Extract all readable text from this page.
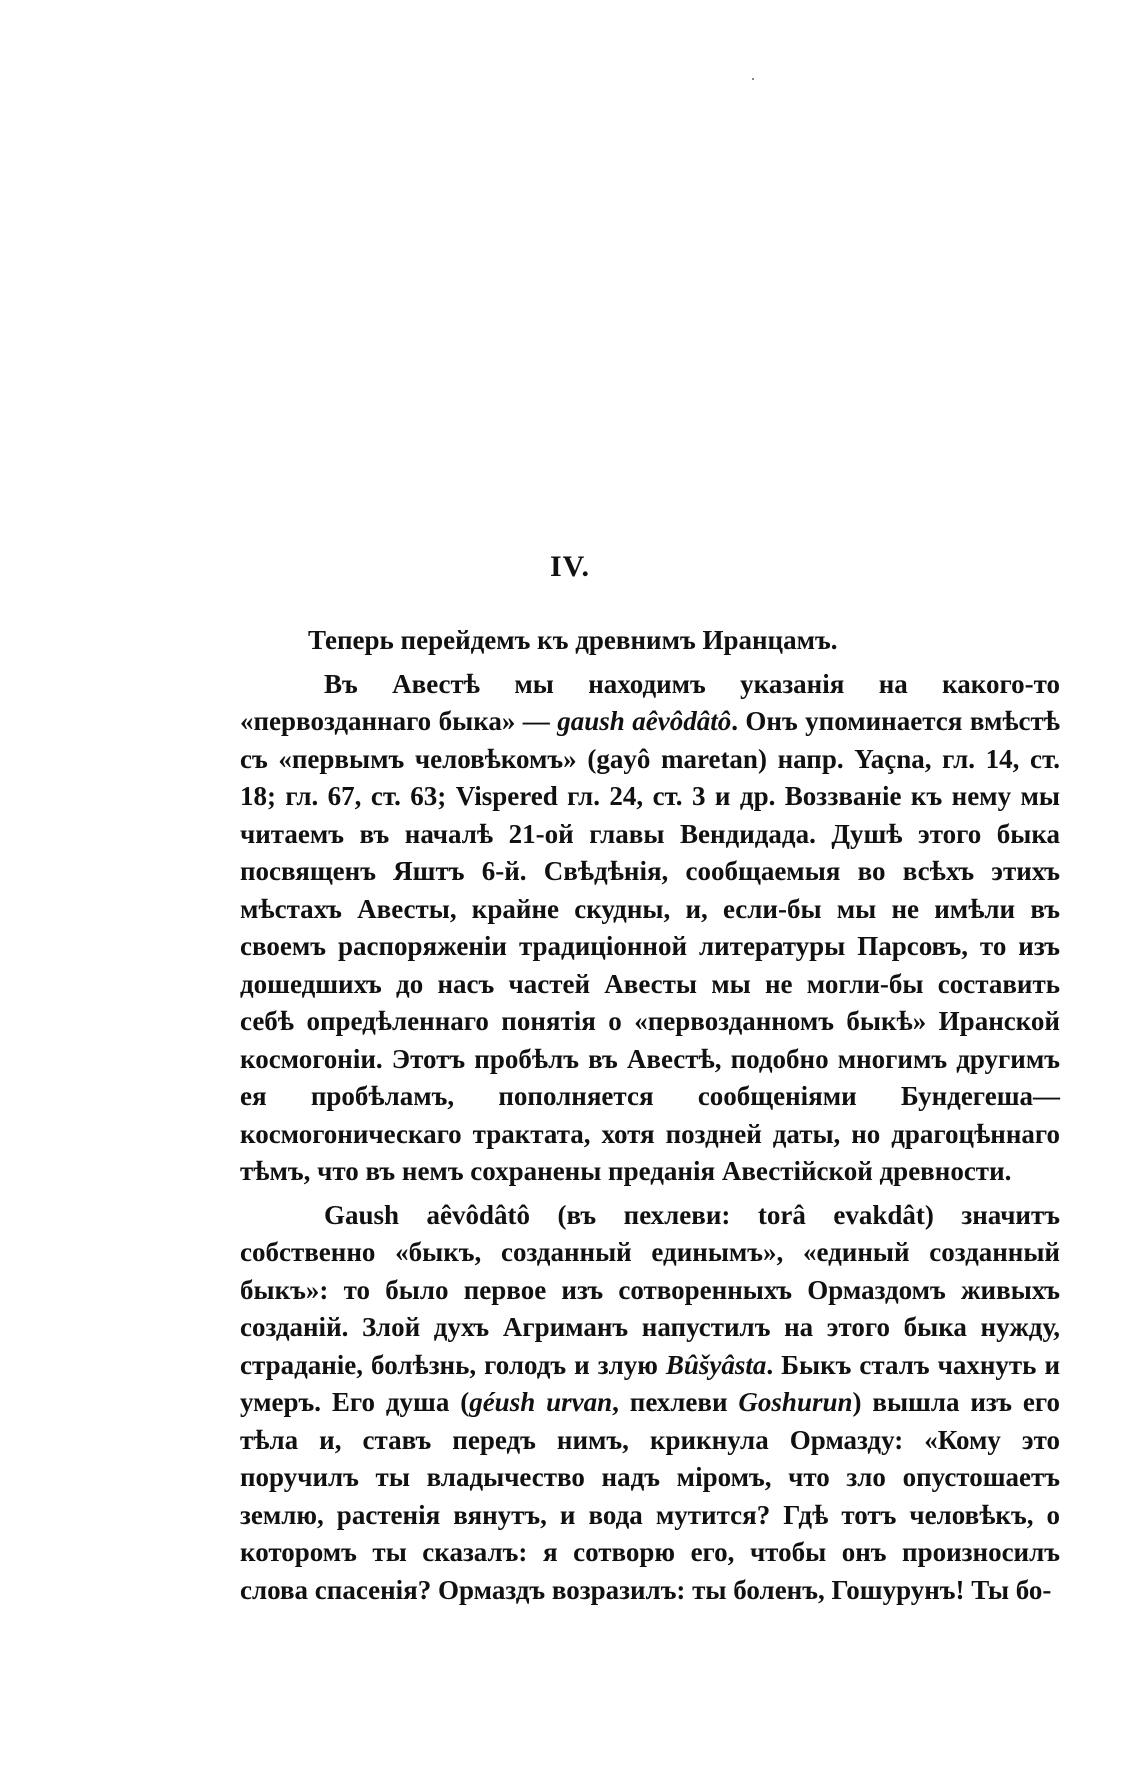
IV.

Теперь перейдемъ къ древнимъ Иранцамъ.

Въ Авестѣ мы находимъ указанія на какого-то «первозданнаго быка» — gaush aêvôdâtô. Онъ упоминается вмѣстѣ съ «первымъ человѣкомъ» (gayô maretan) напр. Yaçna, гл. 14, ст. 18; гл. 67, ст. 63; Vispered гл. 24, ст. 3 и др. Воззваніе къ нему мы читаемъ въ началѣ 21-ой главы Вендидада. Душѣ этого быка посвященъ Яштъ 6-й. Свѣдѣнія, сообщаемыя во всѣхъ этихъ мѣстахъ Авесты, крайне скудны, и, если-бы мы не имѣли въ своемъ распоряженіи традиціонной литературы Парсовъ, то изъ дошедшихъ до насъ частей Авесты мы не могли-бы составить себѣ опредѣленнаго понятія о «первозданномъ быкѣ» Иранской космогоніи. Этотъ пробѣлъ въ Авестѣ, подобно многимъ другимъ ея пробѣламъ, пополняется сообщеніями Бундегеша— космогоническаго трактата, хотя поздней даты, но драгоцѣннаго тѣмъ, что въ немъ сохранены преданія Авестійской древности.

Gaush aêvôdâtô (въ пехлеви: torâ evakdât) значитъ собственно «быкъ, созданный единымъ», «единый созданный быкъ»: то было первое изъ сотворенныхъ Ормаздомъ живыхъ созданій. Злой духъ Агриманъ напустилъ на этого быка нужду, страданіе, болѣзнь, голодъ и злую Bûšyâsta. Быкъ сталъ чахнуть и умеръ. Его душа (géush urvan, пехлеви Goshurun) вышла изъ его тѣла и, ставъ передъ нимъ, крикнула Ормазду: «Кому это поручилъ ты владычество надъ міромъ, что зло опустошаетъ землю, растенія вянутъ, и вода мутится? Гдѣ тотъ человѣкъ, о которомъ ты сказалъ: я сотворю его, чтобы онъ произносилъ слова спасенія? Ормаздъ возразилъ: ты боленъ, Гошурунъ! Ты бо-
